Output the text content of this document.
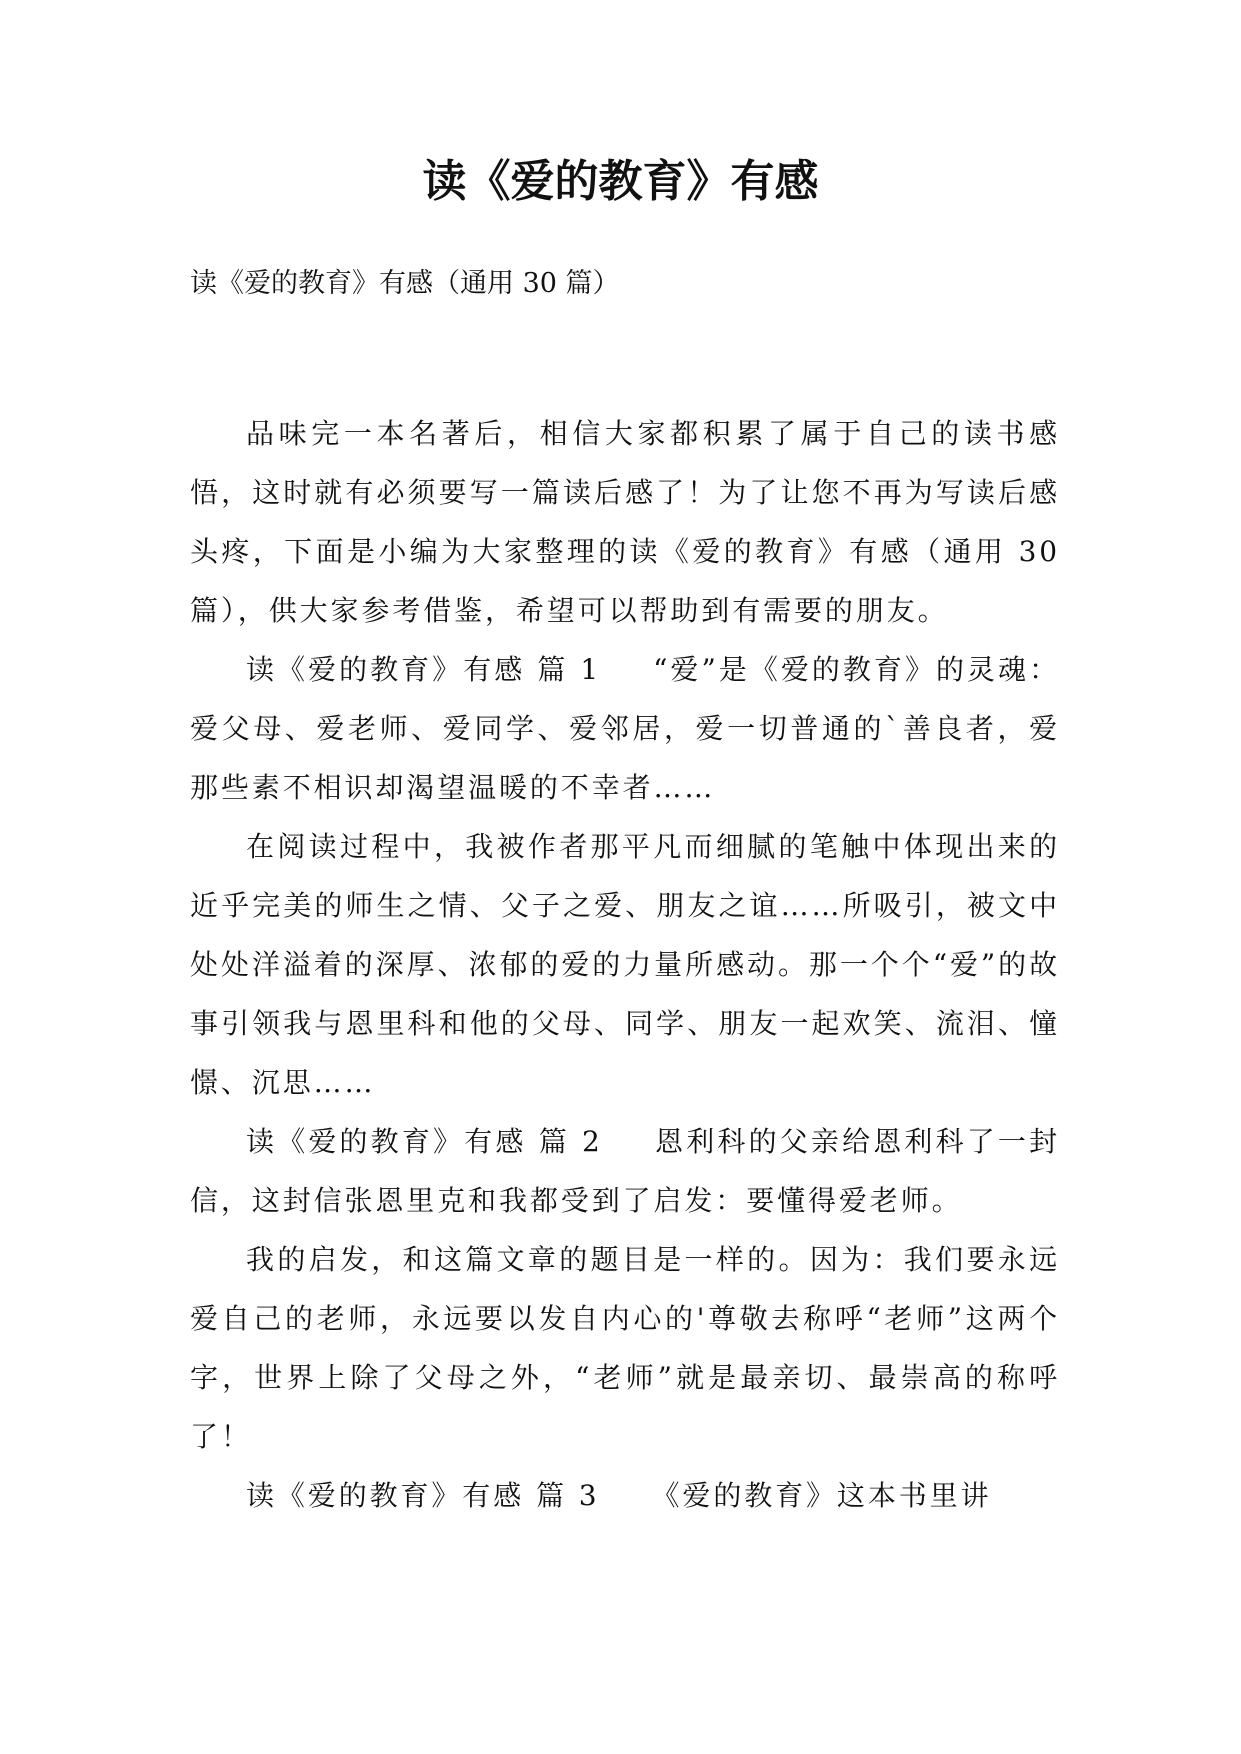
读《爱的教育》有感

读《爱的教育》有感（通用 30 篇）

品味完一本名著后，相信大家都积累了属于自己的读书感悟，这时就有必须要写一篇读后感了！为了让您不再为写读后感头疼，下面是小编为大家整理的读《爱的教育》有感（通用 30 篇），供大家参考借鉴，希望可以帮助到有需要的朋友。

读《爱的教育》有感 篇 1 “爱”是《爱的教育》的灵魂：爱父母、爱老师、爱同学、爱邻居，爱一切普通的`善良者，爱那些素不相识却渴望温暖的不幸者……

在阅读过程中，我被作者那平凡而细腻的笔触中体现出来的近乎完美的师生之情、父子之爱、朋友之谊……所吸引，被文中处处洋溢着的深厚、浓郁的爱的力量所感动。那一个个“爱”的故事引领我与恩里科和他的父母、同学、朋友一起欢笑、流泪、憧憬、沉思……

读《爱的教育》有感 篇 2 恩利科的父亲给恩利科了一封信，这封信张恩里克和我都受到了启发：要懂得爱老师。

我的启发，和这篇文章的题目是一样的。因为：我们要永远爱自己的老师，永远要以发自内心的'尊敬去称呼“老师”这两个字，世界上除了父母之外，“老师”就是最亲切、最崇高的称呼了！

读《爱的教育》有感 篇 3 《爱的教育》这本书里讲
